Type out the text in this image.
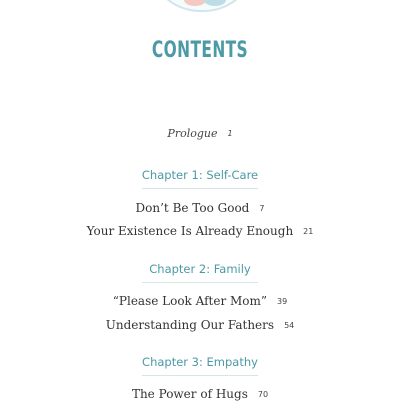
CONTENTS
Prologue 1
Chapter 1: Self-Care
Don’t Be Too Good 7
Your Existence Is Already Enough 21
Chapter 2: Family
“Please Look After Mom” 39
Understanding Our Fathers 54
Chapter 3: Empathy
The Power of Hugs 70
